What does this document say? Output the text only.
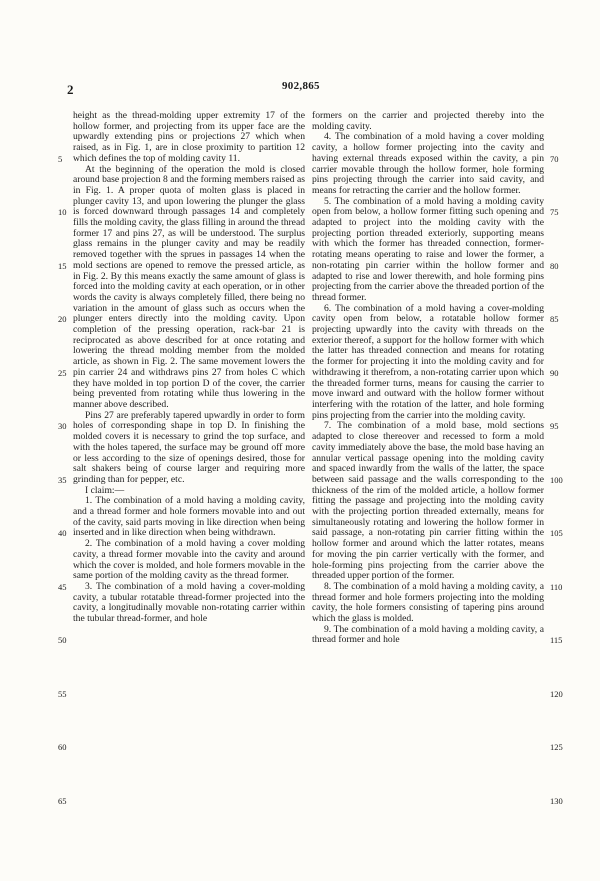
2	902,865

height as the thread-molding upper extremity 17 of the hollow former, and projecting from its upper face are the upwardly extending pins or projections 27 which when raised, as in Fig. 1, are in close proximity to partition 12 which defines the top of molding cavity 11.

At the beginning of the operation the mold is closed around base projection 8 and the forming members raised as in Fig. 1. A proper quota of molten glass is placed in plunger cavity 13, and upon lowering the plunger the glass is forced downward through passages 14 and completely fills the molding cavity, the glass filling in around the thread former 17 and pins 27, as will be understood. The surplus glass remains in the plunger cavity and may be readily removed together with the sprues in passages 14 when the mold sections are opened to remove the pressed article, as in Fig. 2. By this means exactly the same amount of glass is forced into the molding cavity at each operation, or in other words the cavity is always completely filled, there being no variation in the amount of glass such as occurs when the plunger enters directly into the molding cavity. Upon completion of the pressing operation, rack-bar 21 is reciprocated as above described for at once rotating and lowering the thread molding member from the molded article, as shown in Fig. 2. The same movement lowers the pin carrier 24 and withdraws pins 27 from holes C which they have molded in top portion D of the cover, the carrier being prevented from rotating while thus lowering in the manner above described.

Pins 27 are preferably tapered upwardly in order to form holes of corresponding shape in top D. In finishing the molded covers it is necessary to grind the top surface, and with the holes tapered, the surface may be ground off more or less according to the size of openings desired, those for salt shakers being of course larger and requiring more grinding than for pepper, etc.

I claim:—

1. The combination of a mold having a molding cavity, and a thread former and hole formers movable into and out of the cavity, said parts moving in like direction when being inserted and in like direction when being withdrawn.

2. The combination of a mold having a cover molding cavity, a thread former movable into the cavity and around which the cover is molded, and hole formers movable in the same portion of the molding cavity as the thread former.

3. The combination of a mold having a cover-molding cavity, a tubular rotatable thread-former projected into the cavity, a longitudinally movable non-rotating carrier within the tubular thread-former, and hole

formers on the carrier and projected thereby into the molding cavity.

4. The combination of a mold having a cover molding cavity, a hollow former projecting into the cavity and having external threads exposed within the cavity, a pin carrier movable through the hollow former, hole forming pins projecting through the carrier into said cavity, and means for retracting the carrier and the hollow former.

5. The combination of a mold having a molding cavity open from below, a hollow former fitting such opening and adapted to project into the molding cavity with the projecting portion threaded exteriorly, supporting means with which the former has threaded connection, former-rotating means operating to raise and lower the former, a non-rotating pin carrier within the hollow former and adapted to rise and lower therewith, and hole forming pins projecting from the carrier above the threaded portion of the thread former.

6. The combination of a mold having a cover-molding cavity open from below, a rotatable hollow former projecting upwardly into the cavity with threads on the exterior thereof, a support for the hollow former with which the latter has threaded connection and means for rotating the former for projecting it into the molding cavity and for withdrawing it therefrom, a non-rotating carrier upon which the threaded former turns, means for causing the carrier to move inward and outward with the hollow former without interfering with the rotation of the latter, and hole forming pins projecting from the carrier into the molding cavity.

7. The combination of a mold base, mold sections adapted to close thereover and recessed to form a mold cavity immediately above the base, the mold base having an annular vertical passage opening into the molding cavity and spaced inwardly from the walls of the latter, the space between said passage and the walls corresponding to the thickness of the rim of the molded article, a hollow former fitting the passage and projecting into the molding cavity with the projecting portion threaded externally, means for simultaneously rotating and lowering the hollow former in said passage, a non-rotating pin carrier fitting within the hollow former and around which the latter rotates, means for moving the pin carrier vertically with the former, and hole-forming pins projecting from the carrier above the threaded upper portion of the former.

8. The combination of a mold having a molding cavity, a thread former and hole formers projecting into the molding cavity, the hole formers consisting of tapering pins around which the glass is molded.

9. The combination of a mold having a molding cavity, a thread former and hole

5
10
15
20
25
30
35
40
45
50
55
60
65
70
75
80
85
90
95
100
105
110
115
120
125
130
